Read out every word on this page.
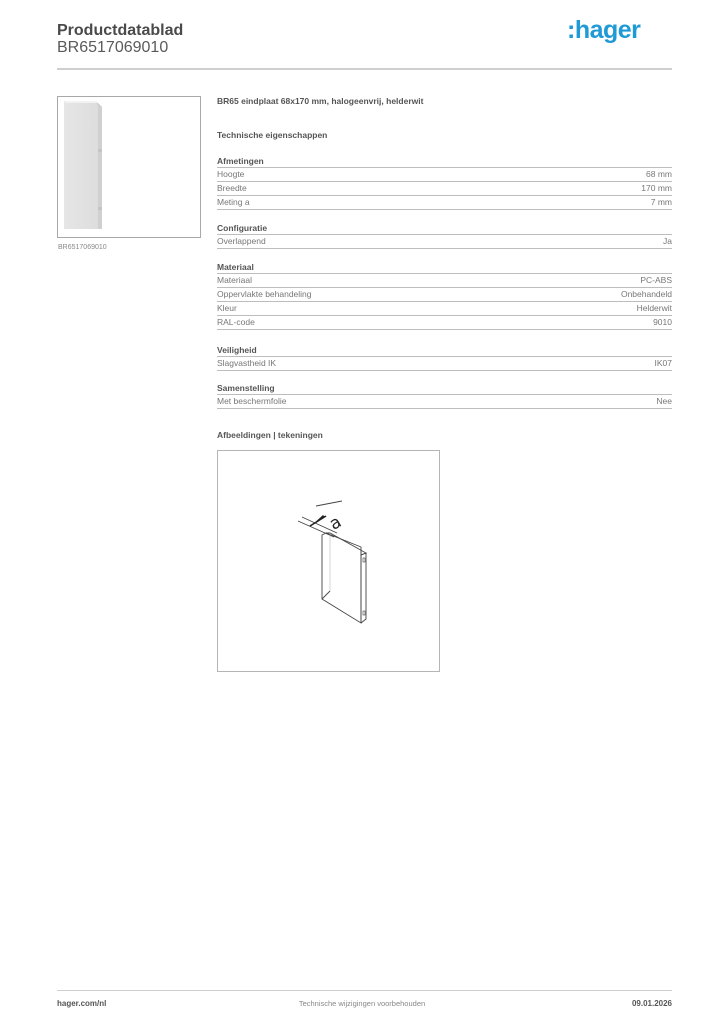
Productdatablad
BR6517069010
:hager
BR6517069010
BR65 eindplaat 68x170 mm, halogeenvrij, helderwit
Technische eigenschappen
Afmetingen
Hoogte	68 mm
Breedte	170 mm
Meting a	7 mm
Configuratie
Overlappend	Ja
Materiaal
Materiaal	PC-ABS
Oppervlakte behandeling	Onbehandeld
Kleur	Helderwit
RAL-code	9010
Veiligheid
Slagvastheid IK	IK07
Samenstelling
Met beschermfolie	Nee
Afbeeldingen | tekeningen
a
hager.com/nl	Technische wijzigingen voorbehouden	09.01.2026
